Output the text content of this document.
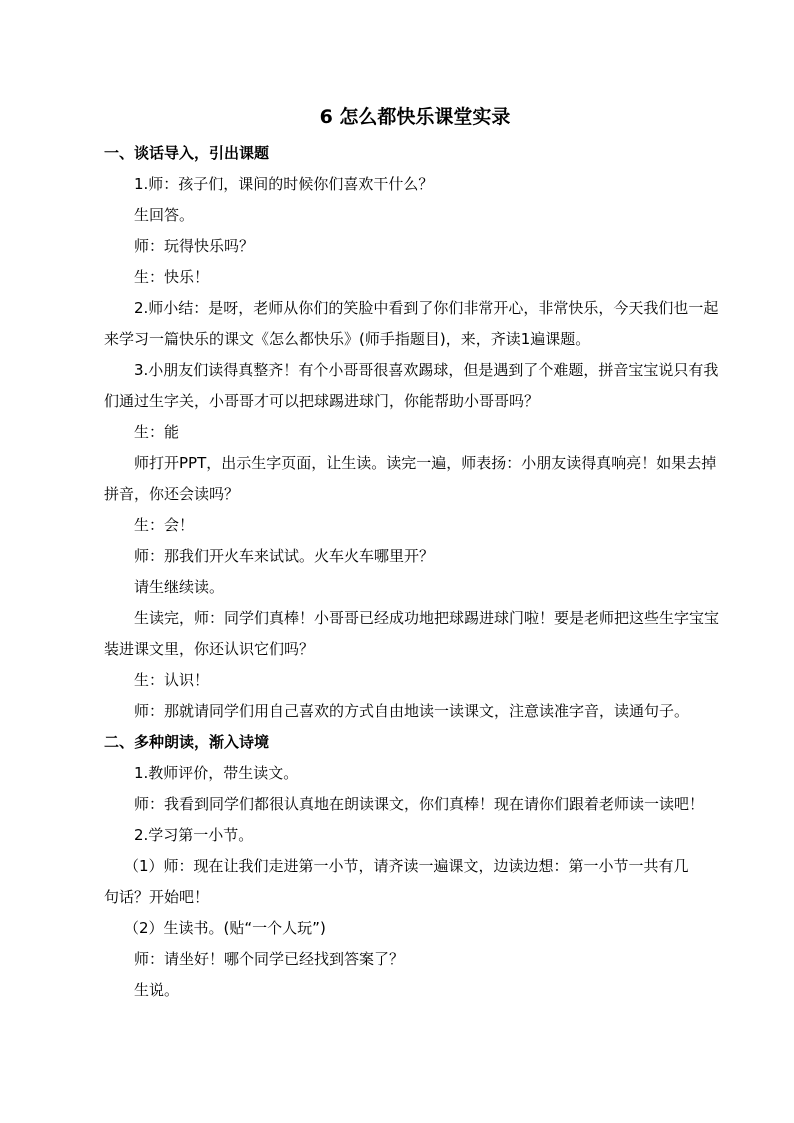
6 怎么都快乐课堂实录
一、谈话导入，引出课题
1.师：孩子们，课间的时候你们喜欢干什么？
生回答。
师：玩得快乐吗？
生：快乐！
2.师小结：是呀，老师从你们的笑脸中看到了你们非常开心，非常快乐，今天我们也一起
来学习一篇快乐的课文《怎么都快乐》(师手指题目)，来，齐读1遍课题。
3.小朋友们读得真整齐！有个小哥哥很喜欢踢球，但是遇到了个难题，拼音宝宝说只有我
们通过生字关，小哥哥才可以把球踢进球门，你能帮助小哥哥吗？
生：能
师打开PPT，出示生字页面，让生读。读完一遍，师表扬：小朋友读得真响亮！如果去掉
拼音，你还会读吗？
生：会！
师：那我们开火车来试试。火车火车哪里开？
请生继续读。
生读完，师：同学们真棒！小哥哥已经成功地把球踢进球门啦！要是老师把这些生字宝宝
装进课文里，你还认识它们吗？
生：认识！
师：那就请同学们用自己喜欢的方式自由地读一读课文，注意读准字音，读通句子。
二、多种朗读，渐入诗境
1.教师评价，带生读文。
师：我看到同学们都很认真地在朗读课文，你们真棒！现在请你们跟着老师读一读吧！
2.学习第一小节。
（1）师：现在让我们走进第一小节，请齐读一遍课文，边读边想：第一小节一共有几
句话？开始吧！
（2）生读书。(贴“一个人玩”)
师：请坐好！哪个同学已经找到答案了？
生说。
